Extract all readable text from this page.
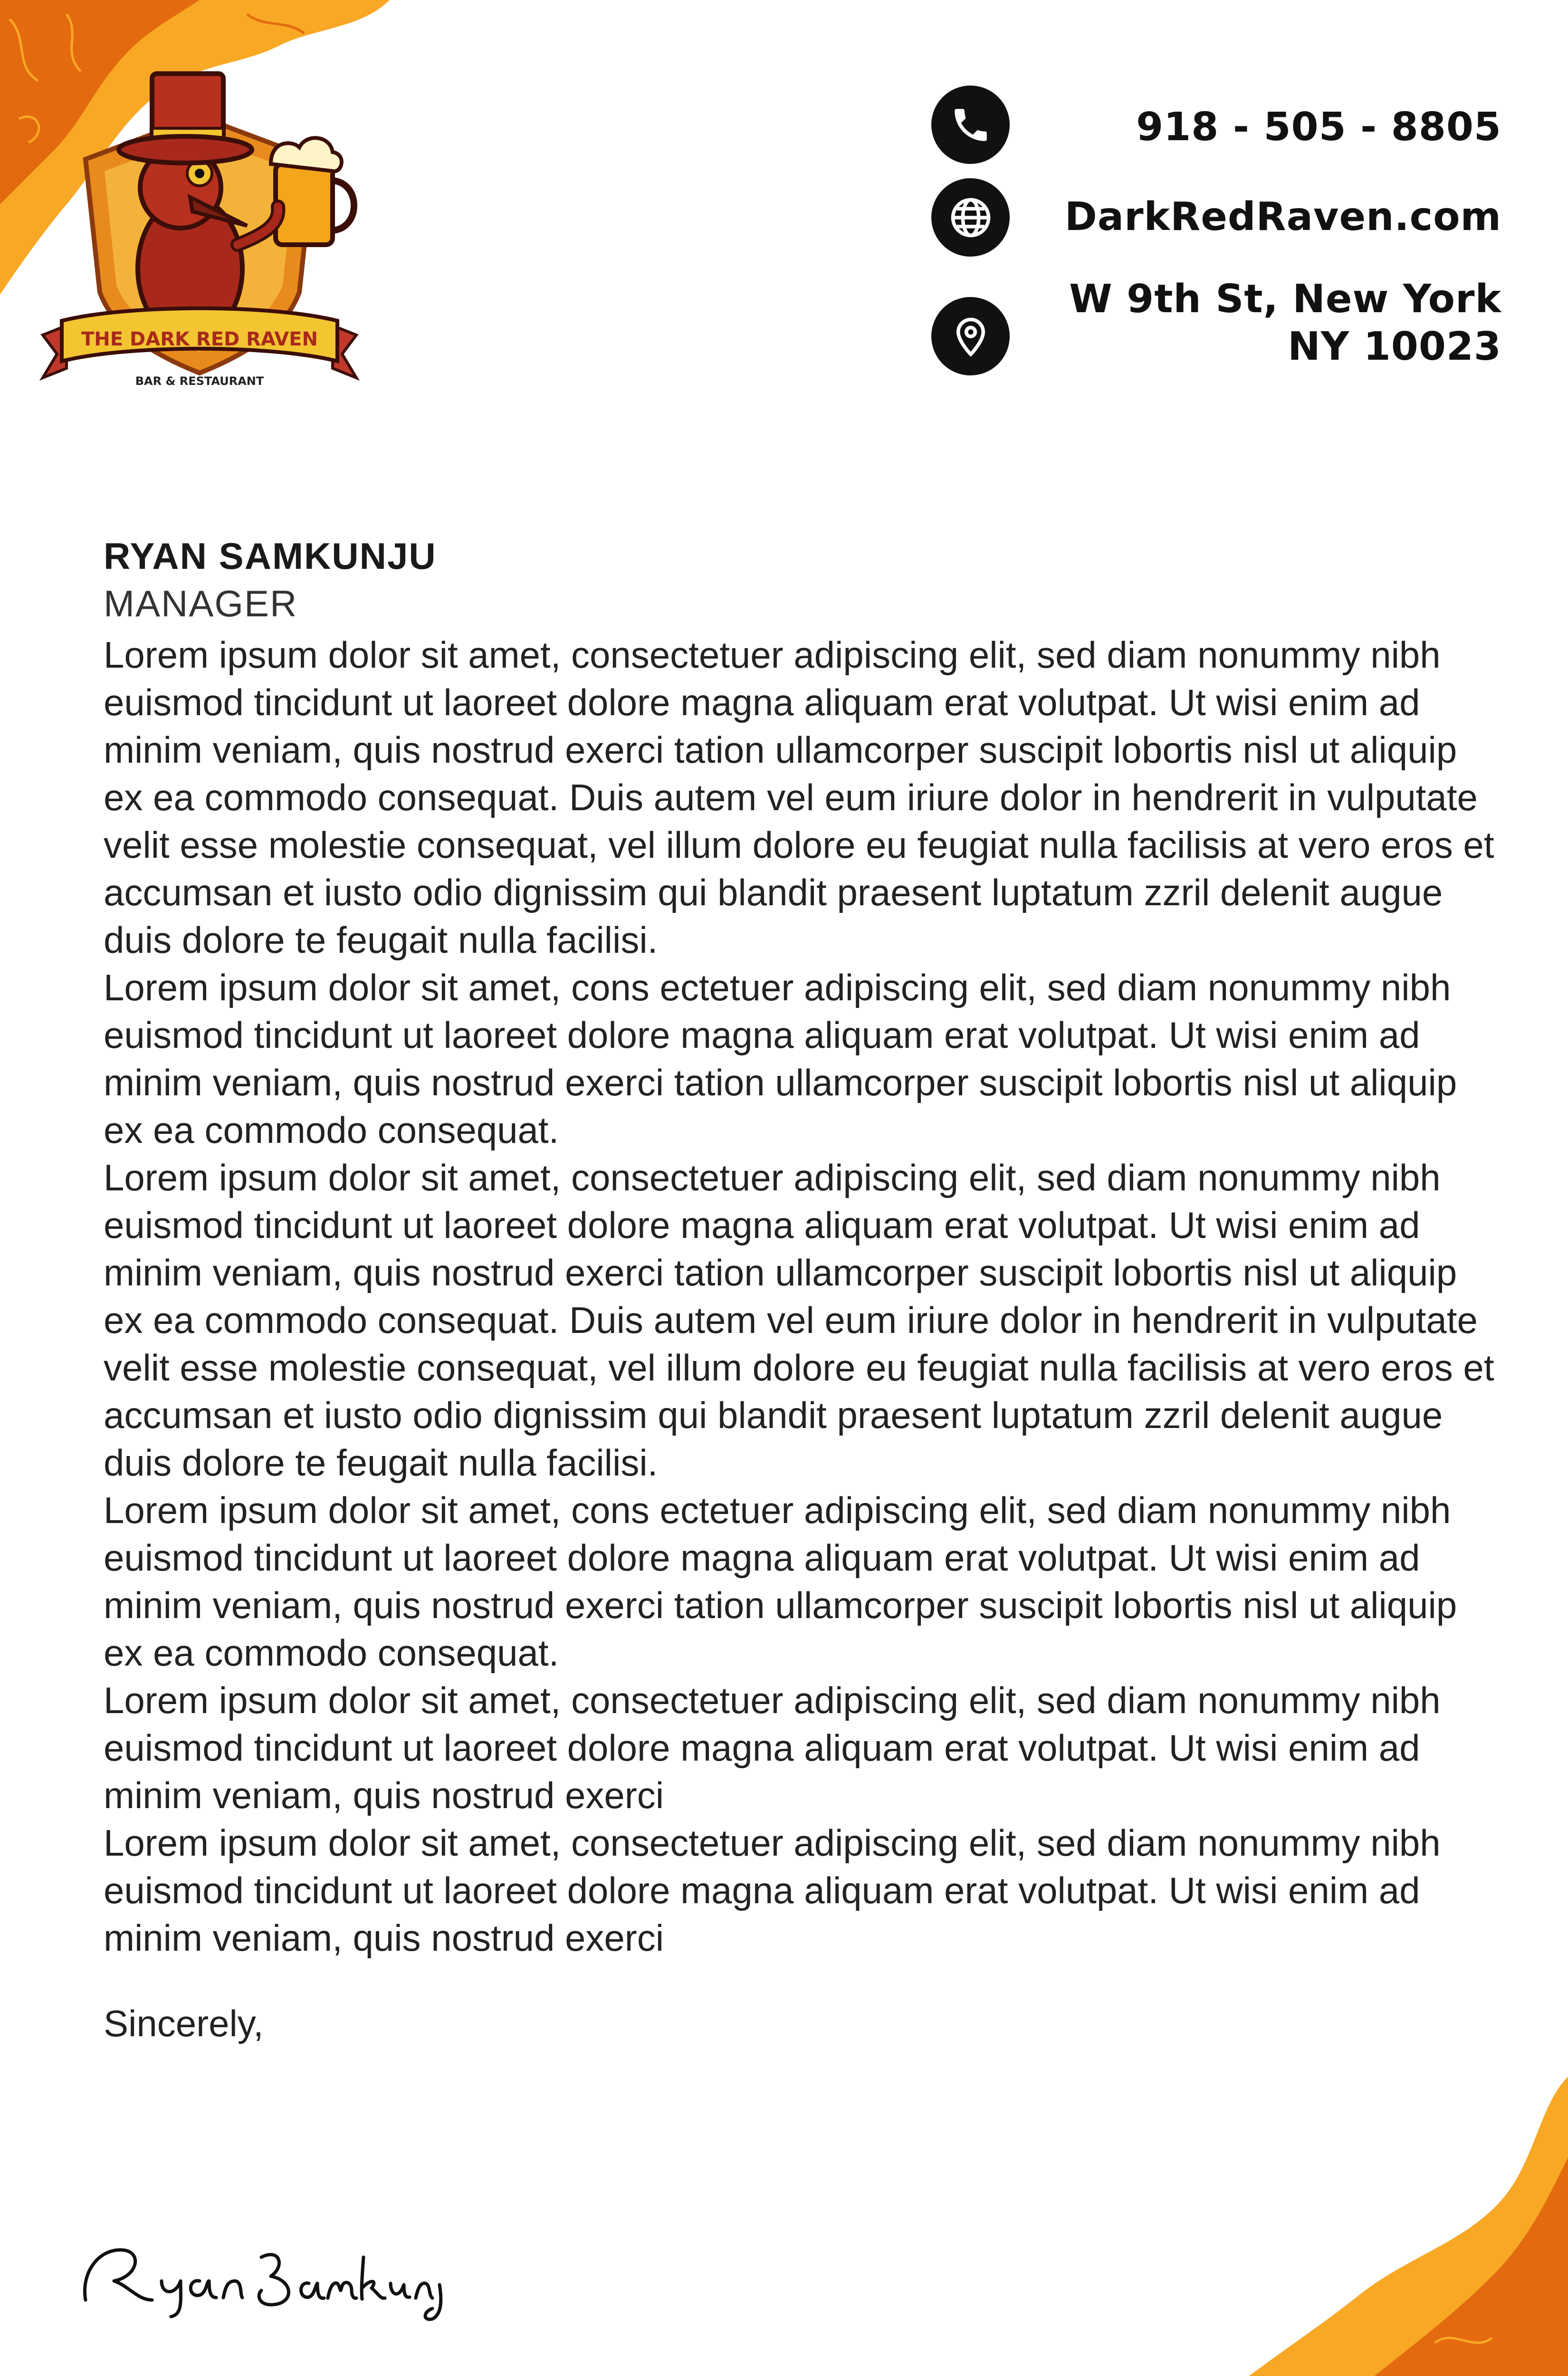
THE DARK RED RAVEN
BAR & RESTAURANT
918 - 505 - 8805
DarkRedRaven.com
W 9th St, New York
NY 10023
RYAN SAMKUNJU
MANAGER

Lorem ipsum dolor sit amet, consectetuer adipiscing elit, sed diam nonummy nibh euismod tincidunt ut laoreet dolore magna aliquam erat volutpat. Ut wisi enim ad minim veniam, quis nostrud exerci tation ullamcorper suscipit lobortis nisl ut aliquip ex ea commodo consequat. Duis autem vel eum iriure dolor in hendrerit in vulputate velit esse molestie consequat, vel illum dolore eu feugiat nulla facilisis at vero eros et accumsan et iusto odio dignissim qui blandit praesent luptatum zzril delenit augue duis dolore te feugait nulla facilisi.

Lorem ipsum dolor sit amet, cons ectetuer adipiscing elit, sed diam nonummy nibh euismod tincidunt ut laoreet dolore magna aliquam erat volutpat. Ut wisi enim ad minim veniam, quis nostrud exerci tation ullamcorper suscipit lobortis nisl ut aliquip ex ea commodo consequat.

Lorem ipsum dolor sit amet, consectetuer adipiscing elit, sed diam nonummy nibh euismod tincidunt ut laoreet dolore magna aliquam erat volutpat. Ut wisi enim ad minim veniam, quis nostrud exerci tation ullamcorper suscipit lobortis nisl ut aliquip ex ea commodo consequat. Duis autem vel eum iriure dolor in hendrerit in vulputate velit esse molestie consequat, vel illum dolore eu feugiat nulla facilisis at vero eros et accumsan et iusto odio dignissim qui blandit praesent luptatum zzril delenit augue duis dolore te feugait nulla facilisi.

Lorem ipsum dolor sit amet, cons ectetuer adipiscing elit, sed diam nonummy nibh euismod tincidunt ut laoreet dolore magna aliquam erat volutpat. Ut wisi enim ad minim veniam, quis nostrud exerci tation ullamcorper suscipit lobortis nisl ut aliquip ex ea commodo consequat.

Lorem ipsum dolor sit amet, consectetuer adipiscing elit, sed diam nonummy nibh euismod tincidunt ut laoreet dolore magna aliquam erat volutpat. Ut wisi enim ad minim veniam, quis nostrud exerci

Lorem ipsum dolor sit amet, consectetuer adipiscing elit, sed diam nonummy nibh euismod tincidunt ut laoreet dolore magna aliquam erat volutpat. Ut wisi enim ad minim veniam, quis nostrud exerci

Sincerely,
